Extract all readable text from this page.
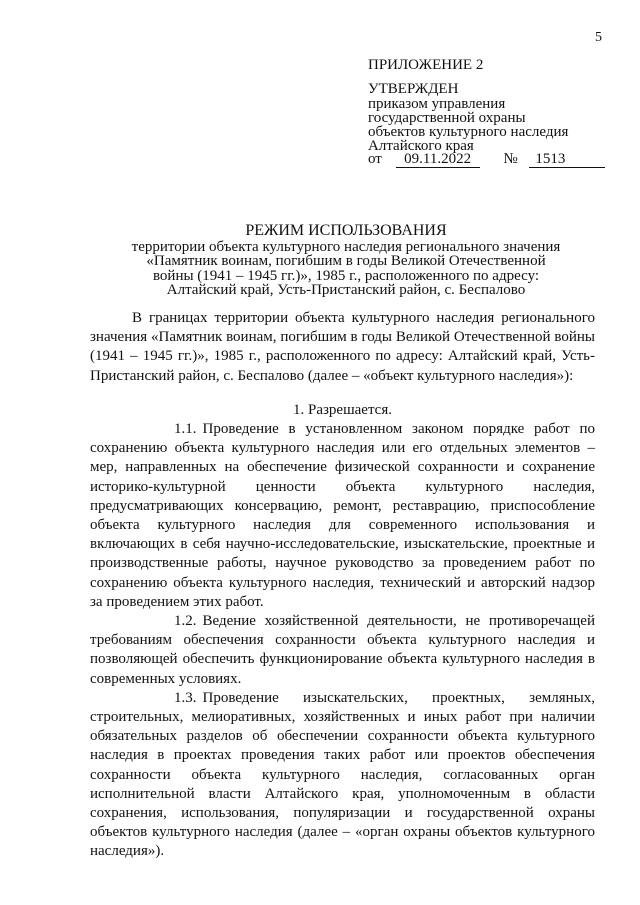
5
ПРИЛОЖЕНИЕ 2
УТВЕРЖДЕН
приказом управления
государственной охраны
объектов культурного наследия
Алтайского края
от 09.11.2022 № 1513
РЕЖИМ ИСПОЛЬЗОВАНИЯ
территории объекта культурного наследия регионального значения
«Памятник воинам, погибшим в годы Великой Отечественной
войны (1941 – 1945 гг.)», 1985 г., расположенного по адресу:
Алтайский край, Усть-Пристанский район, с. Беспалово

В границах территории объекта культурного наследия регионального значения «Памятник воинам, погибшим в годы Великой Отечественной войны (1941 – 1945 гг.)», 1985 г., расположенного по адресу: Алтайский край, Усть-Пристанский район, с. Беспалово (далее – «объект культурного наследия»):

1. Разрешается.

1.1. Проведение в установленном законом порядке работ по сохранению объекта культурного наследия или его отдельных элементов – мер, направленных на обеспечение физической сохранности и сохранение историко-культурной ценности объекта культурного наследия, предусматривающих консервацию, ремонт, реставрацию, приспособление объекта культурного наследия для современного использования и включающих в себя научно-исследовательские, изыскательские, проектные и производственные работы, научное руководство за проведением работ по сохранению объекта культурного наследия, технический и авторский надзор за проведением этих работ.

1.2. Ведение хозяйственной деятельности, не противоречащей требованиям обеспечения сохранности объекта культурного наследия и позволяющей обеспечить функционирование объекта культурного наследия в современных условиях.

1.3. Проведение изыскательских, проектных, земляных, строительных, мелиоративных, хозяйственных и иных работ при наличии обязательных разделов об обеспечении сохранности объекта культурного наследия в проектах проведения таких работ или проектов обеспечения сохранности объекта культурного наследия, согласованных орган исполнительной власти Алтайского края, уполномоченным в области сохранения, использования, популяризации и государственной охраны объектов культурного наследия (далее – «орган охраны объектов культурного наследия»).
